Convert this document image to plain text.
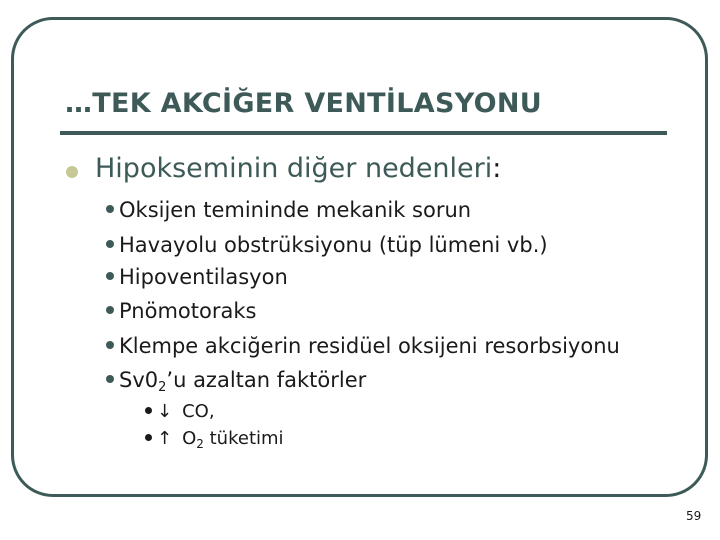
…TEK AKCİĞER VENTİLASYONU
Hipokseminin diğer nedenleri:
Oksijen temininde mekanik sorun
Havayolu obstrüksiyonu (tüp lümeni vb.)
Hipoventilasyon
Pnömotoraks
Klempe akciğerin residüel oksijeni resorbsiyonu
$Sv0_2’u$ azaltan faktörler
↓ CO,
↑ $O_2$ tüketimi
59
